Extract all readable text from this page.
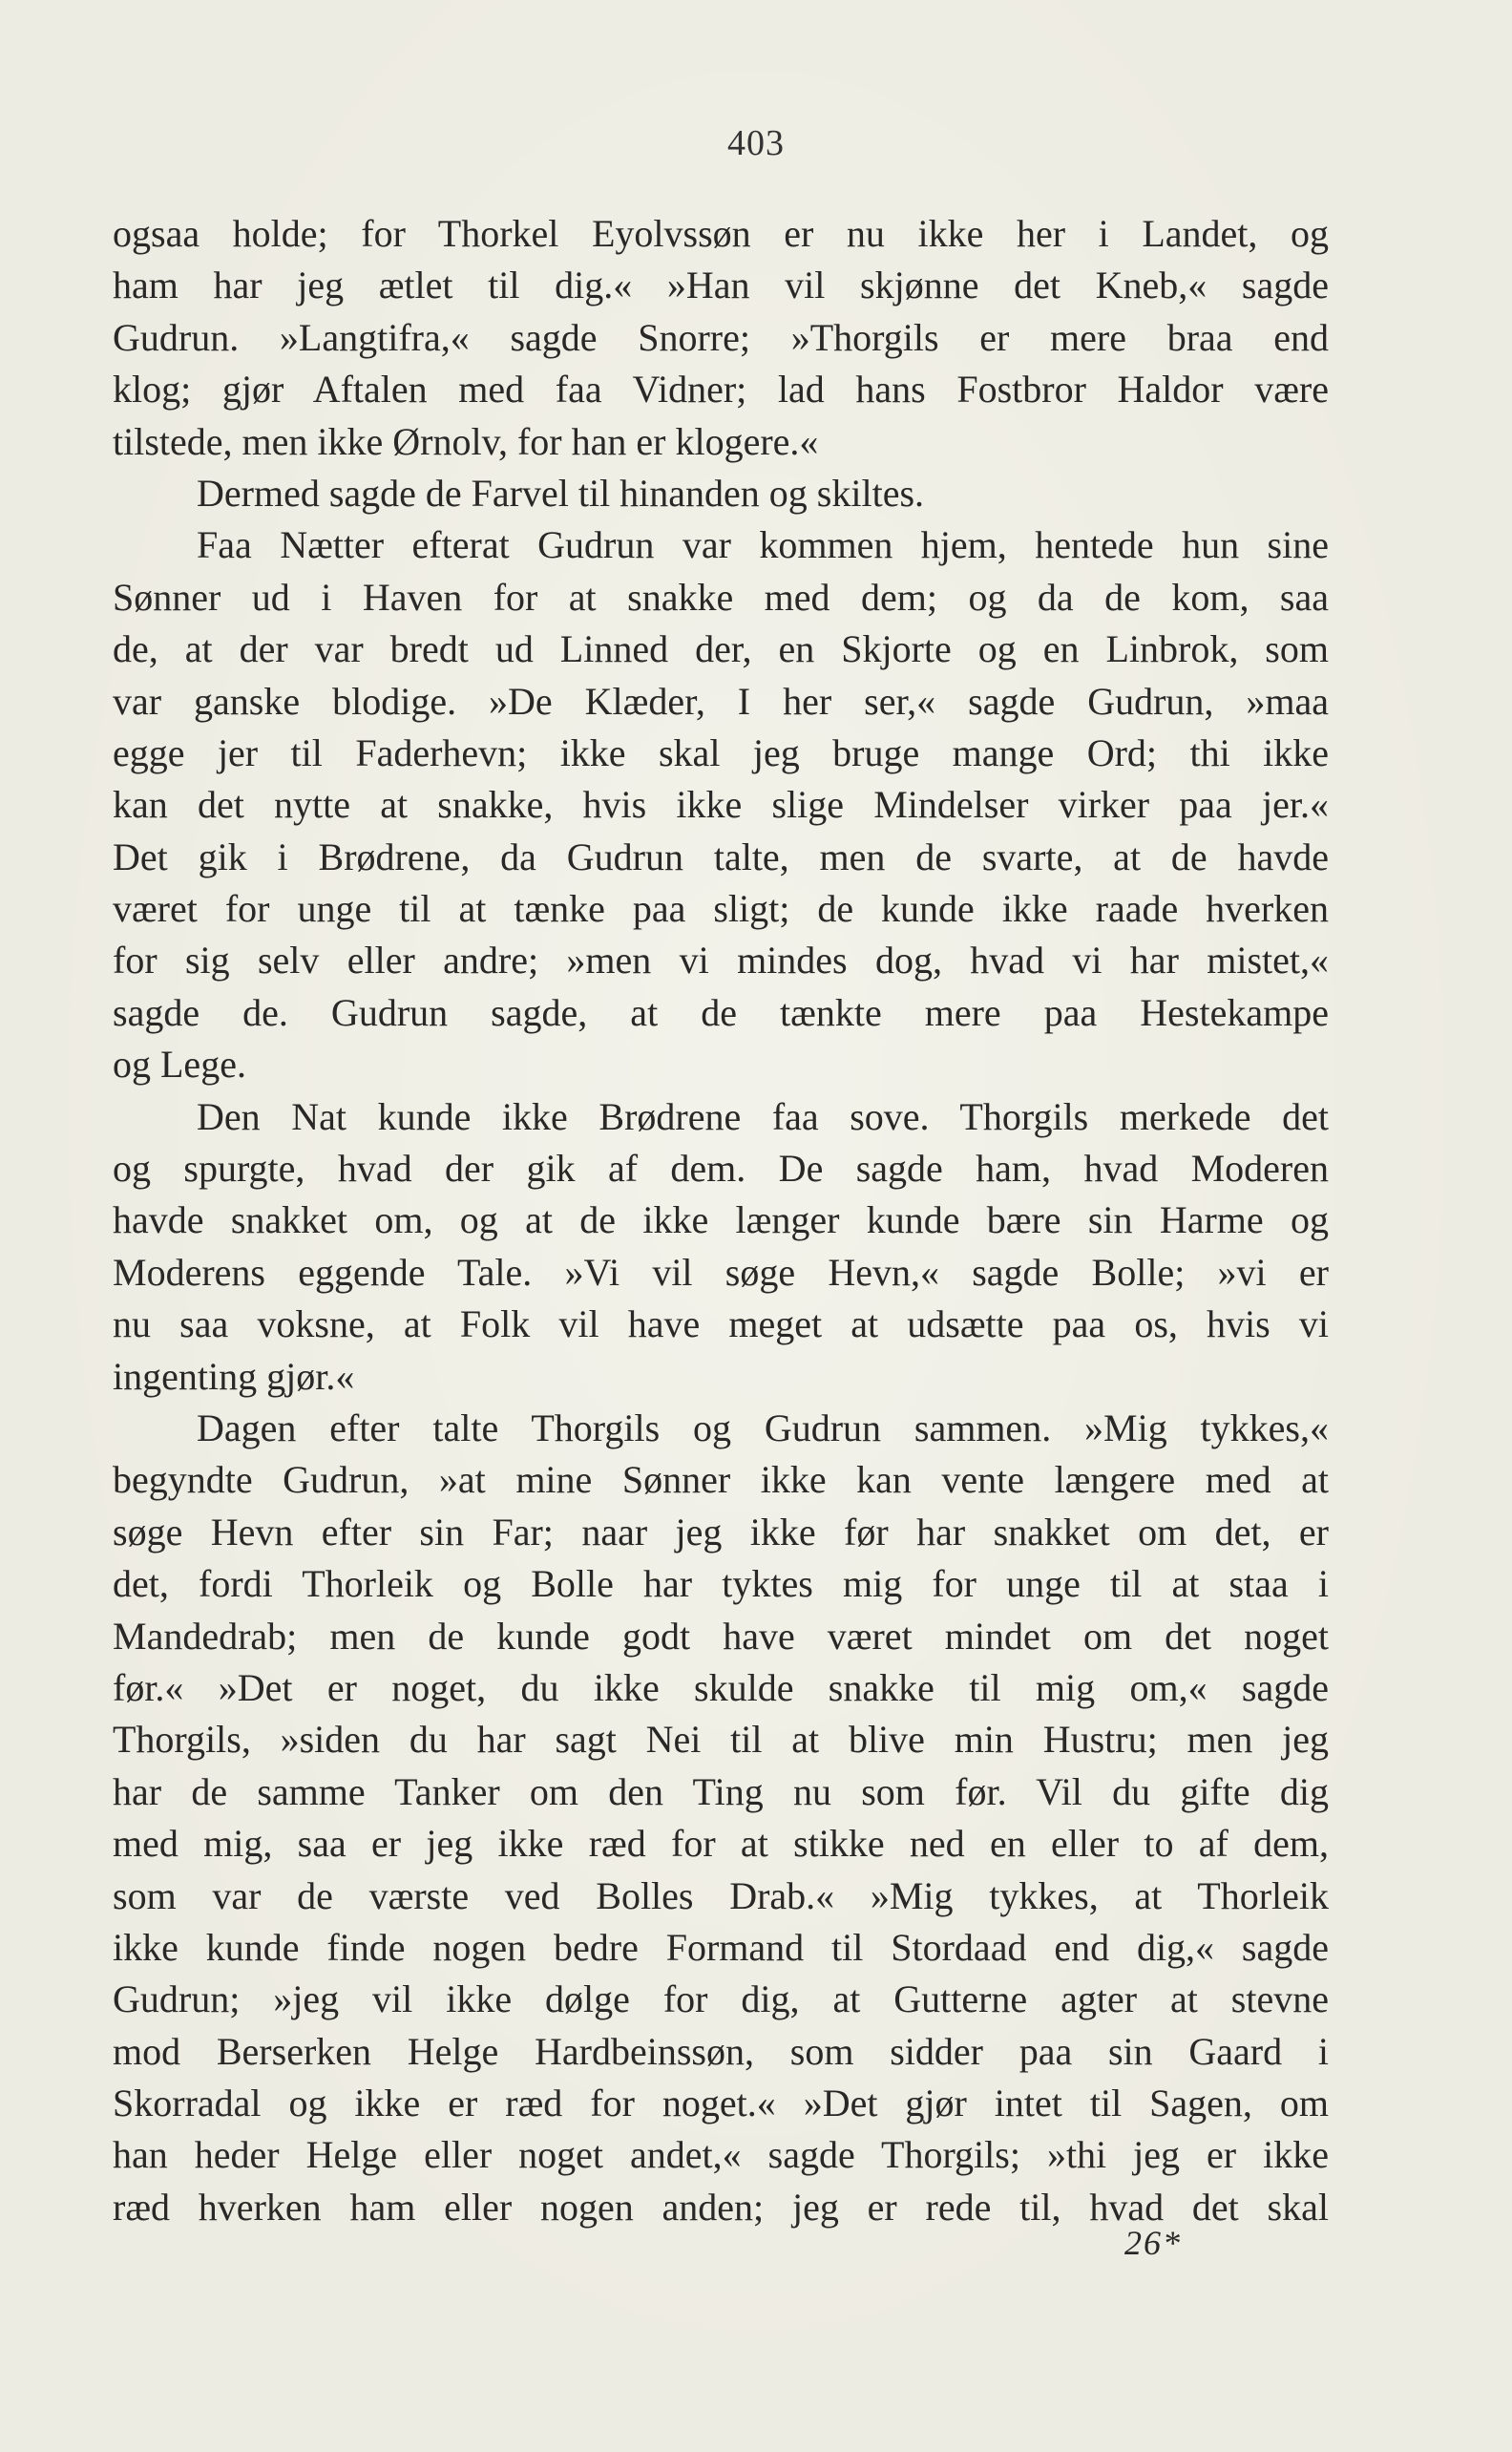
403
ogsaa holde; for Thorkel Eyolvssøn er nu ikke her i Landet, og
ham har jeg ætlet til dig.« »Han vil skjønne det Kneb,« sagde
Gudrun. »Langtifra,« sagde Snorre; »Thorgils er mere braa end
klog; gjør Aftalen med faa Vidner; lad hans Fostbror Haldor være
tilstede, men ikke Ørnolv, for han er klogere.«
Dermed sagde de Farvel til hinanden og skiltes.
Faa Nætter efterat Gudrun var kommen hjem, hentede hun sine
Sønner ud i Haven for at snakke med dem; og da de kom, saa
de, at der var bredt ud Linned der, en Skjorte og en Linbrok, som
var ganske blodige. »De Klæder, I her ser,« sagde Gudrun, »maa
egge jer til Faderhevn; ikke skal jeg bruge mange Ord; thi ikke
kan det nytte at snakke, hvis ikke slige Mindelser virker paa jer.«
Det gik i Brødrene, da Gudrun talte, men de svarte, at de havde
været for unge til at tænke paa sligt; de kunde ikke raade hverken
for sig selv eller andre; »men vi mindes dog, hvad vi har mistet,«
sagde de. Gudrun sagde, at de tænkte mere paa Hestekampe
og Lege.
Den Nat kunde ikke Brødrene faa sove. Thorgils merkede det
og spurgte, hvad der gik af dem. De sagde ham, hvad Moderen
havde snakket om, og at de ikke længer kunde bære sin Harme og
Moderens eggende Tale. »Vi vil søge Hevn,« sagde Bolle; »vi er
nu saa voksne, at Folk vil have meget at udsætte paa os, hvis vi
ingenting gjør.«
Dagen efter talte Thorgils og Gudrun sammen. »Mig tykkes,«
begyndte Gudrun, »at mine Sønner ikke kan vente længere med at
søge Hevn efter sin Far; naar jeg ikke før har snakket om det, er
det, fordi Thorleik og Bolle har tyktes mig for unge til at staa i
Mandedrab; men de kunde godt have været mindet om det noget
før.« »Det er noget, du ikke skulde snakke til mig om,« sagde
Thorgils, »siden du har sagt Nei til at blive min Hustru; men jeg
har de samme Tanker om den Ting nu som før. Vil du gifte dig
med mig, saa er jeg ikke ræd for at stikke ned en eller to af dem,
som var de værste ved Bolles Drab.« »Mig tykkes, at Thorleik
ikke kunde finde nogen bedre Formand til Stordaad end dig,« sagde
Gudrun; »jeg vil ikke dølge for dig, at Gutterne agter at stevne
mod Berserken Helge Hardbeinssøn, som sidder paa sin Gaard i
Skorradal og ikke er ræd for noget.« »Det gjør intet til Sagen, om
han heder Helge eller noget andet,« sagde Thorgils; »thi jeg er ikke
ræd hverken ham eller nogen anden; jeg er rede til, hvad det skal
26*
